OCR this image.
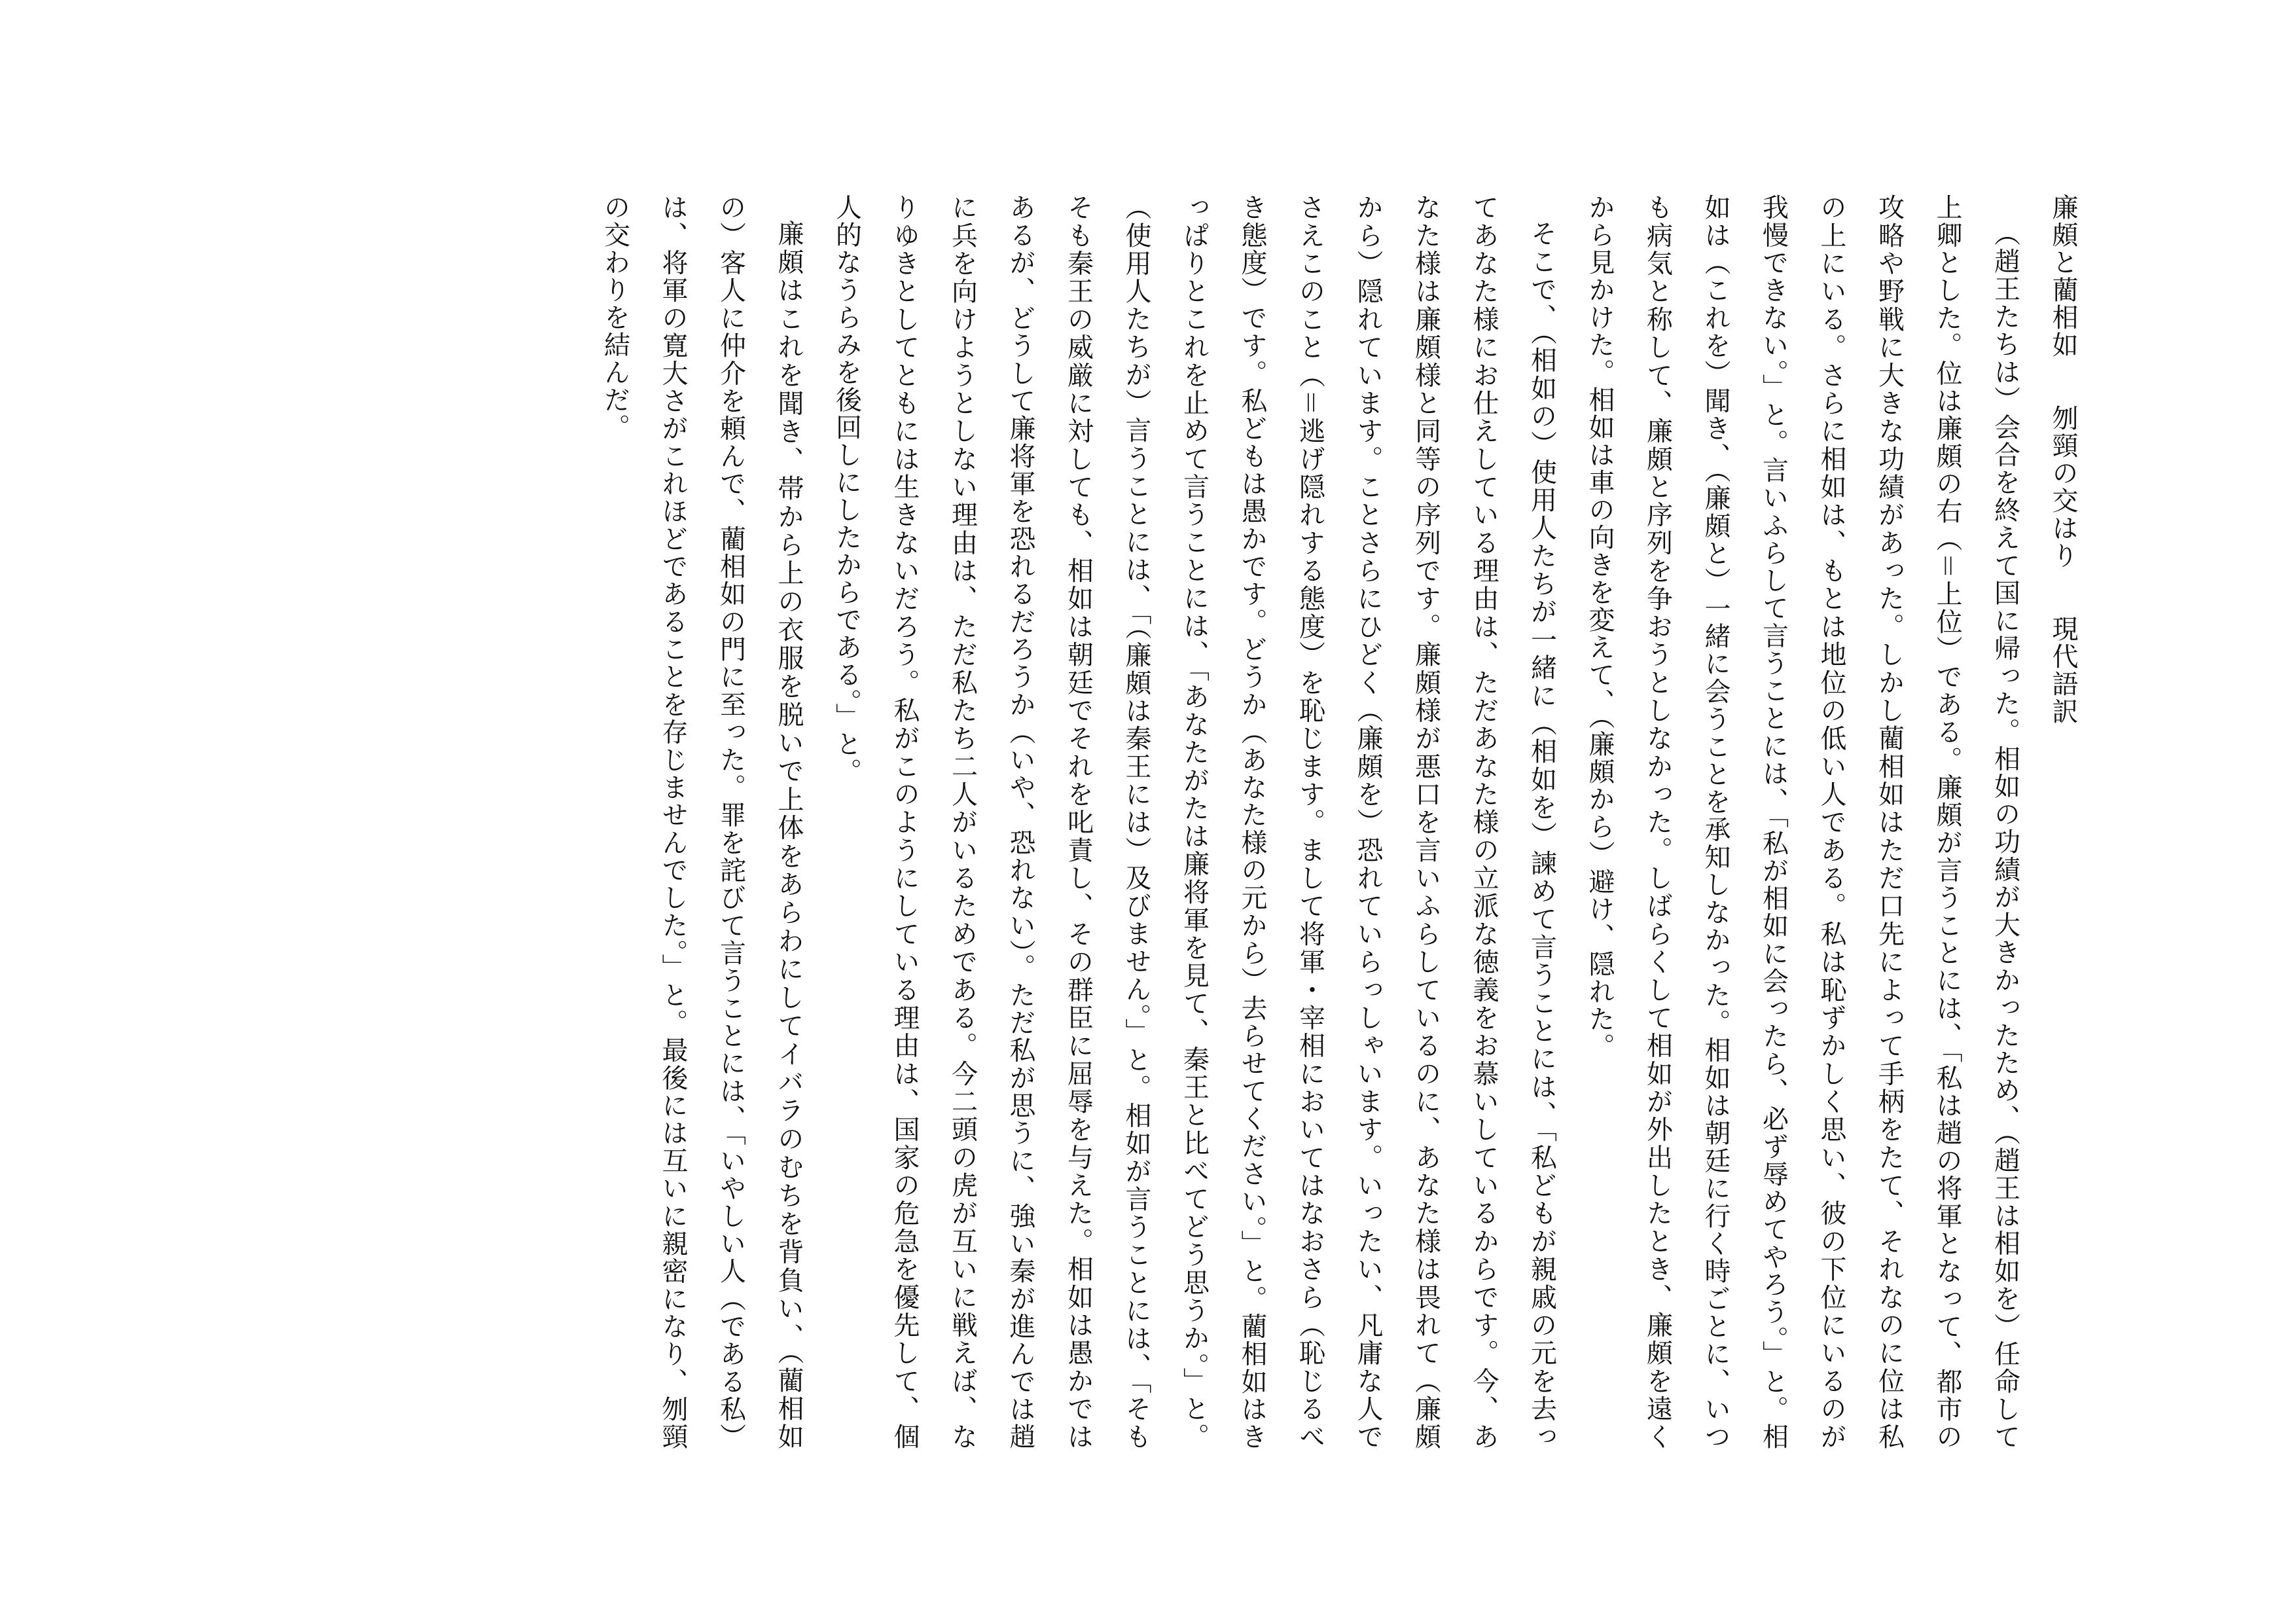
廉頗と藺相如刎頸の交はり現代語訳

（趙王たちは）会合を終えて国に帰った。相如の功績が大きかったため、（趙王は相如を）任命して上卿とした。位は廉頗の右（＝上位）である。廉頗が言うことには、「私は趙の将軍となって、都市の攻略や野戦に大きな功績があった。しかし藺相如はただ口先によって手柄をたて、それなのに位は私の上にいる。さらに相如は、もとは地位の低い人である。私は恥ずかしく思い、彼の下位にいるのが我慢できない。」と。言いふらして言うことには、「私が相如に会ったら、必ず辱めてやろう。」と。相如は（これを）聞き、（廉頗と）一緒に会うことを承知しなかった。相如は朝廷に行く時ごとに、いつも病気と称して、廉頗と序列を争おうとしなかった。しばらくして相如が外出したとき、廉頗を遠くから見かけた。相如は車の向きを変えて、（廉頗から）避け、隠れた。

そこで、（相如の）使用人たちが一緒に（相如を）諫めて言うことには、「私どもが親戚の元を去ってあなた様にお仕えしている理由は、ただあなた様の立派な徳義をお慕いしているからです。今、あなた様は廉頗様と同等の序列です。廉頗様が悪口を言いふらしているのに、あなた様は畏れて（廉頗から）隠れています。ことさらにひどく（廉頗を）恐れていらっしゃいます。いったい、凡庸な人でさえこのこと（＝逃げ隠れする態度）を恥じます。まして将軍・宰相においてはなおさら（恥じるべき態度）です。私どもは愚かです。どうか（あなた様の元から）去らせてください。」と。藺相如はきっぱりとこれを止めて言うことには、「あなたがたは廉将軍を見て、秦王と比べてどう思うか。」と。（使用人たちが）言うことには、「（廉頗は秦王には）及びません。」と。相如が言うことには、「そもそも秦王の威厳に対しても、相如は朝廷でそれを叱責し、その群臣に屈辱を与えた。相如は愚かではあるが、どうして廉将軍を恐れるだろうか（いや、恐れない）。ただ私が思うに、強い秦が進んでは趙に兵を向けようとしない理由は、ただ私たち二人がいるためである。今二頭の虎が互いに戦えば、なりゆきとしてともには生きないだろう。私がこのようにしている理由は、国家の危急を優先して、個人的なうらみを後回しにしたからである。」と。

廉頗はこれを聞き、帯から上の衣服を脱いで上体をあらわにしてイバラのむちを背負い、（藺相如の）客人に仲介を頼んで、藺相如の門に至った。罪を詫びて言うことには、「いやしい人（である私）は、将軍の寛大さがこれほどであることを存じませんでした。」と。最後には互いに親密になり、刎頸の交わりを結んだ。
